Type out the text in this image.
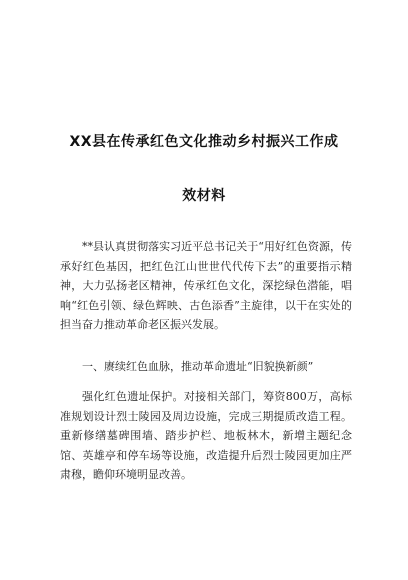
XX县在传承红色文化推动乡村振兴工作成
效材料
**县认真贯彻落实习近平总书记关于“用好红色资源，传承好红色基因，把红色江山世世代代传下去”的重要指示精神，大力弘扬老区精神，传承红色文化，深挖绿色潜能，唱响“红色引领、绿色辉映、古色添香”主旋律，以干在实处的担当奋力推动革命老区振兴发展。
一、赓续红色血脉，推动革命遗址“旧貌换新颜”
强化红色遗址保护。对接相关部门，筹资800万，高标准规划设计烈士陵园及周边设施，完成三期提质改造工程。重新修缮墓碑围墙、踏步护栏、地板林木，新增主题纪念馆、英雄亭和停车场等设施，改造提升后烈士陵园更加庄严肃穆，瞻仰环境明显改善。
